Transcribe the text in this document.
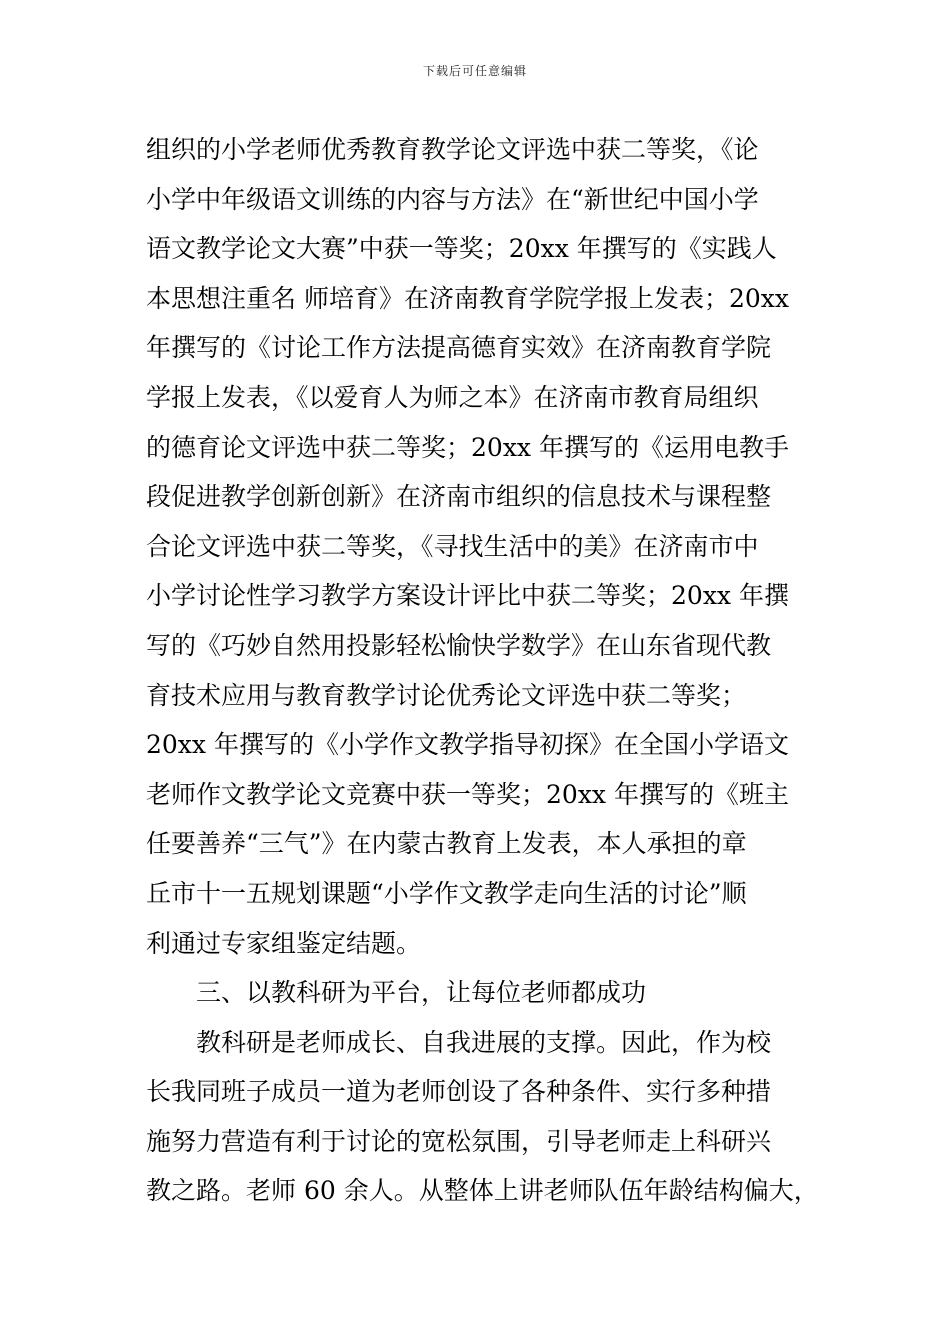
下载后可任意编辑
组织的小学老师优秀教育教学论文评选中获二等奖，《论
小学中年级语文训练的内容与方法》在“新世纪中国小学
语文教学论文大赛”中获一等奖；20xx 年撰写的《实践人
本思想注重名 师培育》在济南教育学院学报上发表；20xx
年撰写的《讨论工作方法提高德育实效》在济南教育学院
学报上发表，《以爱育人为师之本》在济南市教育局组织
的德育论文评选中获二等奖；20xx 年撰写的《运用电教手
段促进教学创新创新》在济南市组织的信息技术与课程整
合论文评选中获二等奖，《寻找生活中的美》在济南市中
小学讨论性学习教学方案设计评比中获二等奖；20xx 年撰
写的《巧妙自然用投影轻松愉快学数学》在山东省现代教
育技术应用与教育教学讨论优秀论文评选中获二等奖；
20xx 年撰写的《小学作文教学指导初探》在全国小学语文
老师作文教学论文竞赛中获一等奖；20xx 年撰写的《班主
任要善养“三气”》在内蒙古教育上发表，本人承担的章
丘市十一五规划课题“小学作文教学走向生活的讨论”顺
利通过专家组鉴定结题。
三、以教科研为平台，让每位老师都成功
教科研是老师成长、自我进展的支撑。因此，作为校
长我同班子成员一道为老师创设了各种条件、实行多种措
施努力营造有利于讨论的宽松氛围，引导老师走上科研兴
教之路。老师 60 余人。从整体上讲老师队伍年龄结构偏大，
